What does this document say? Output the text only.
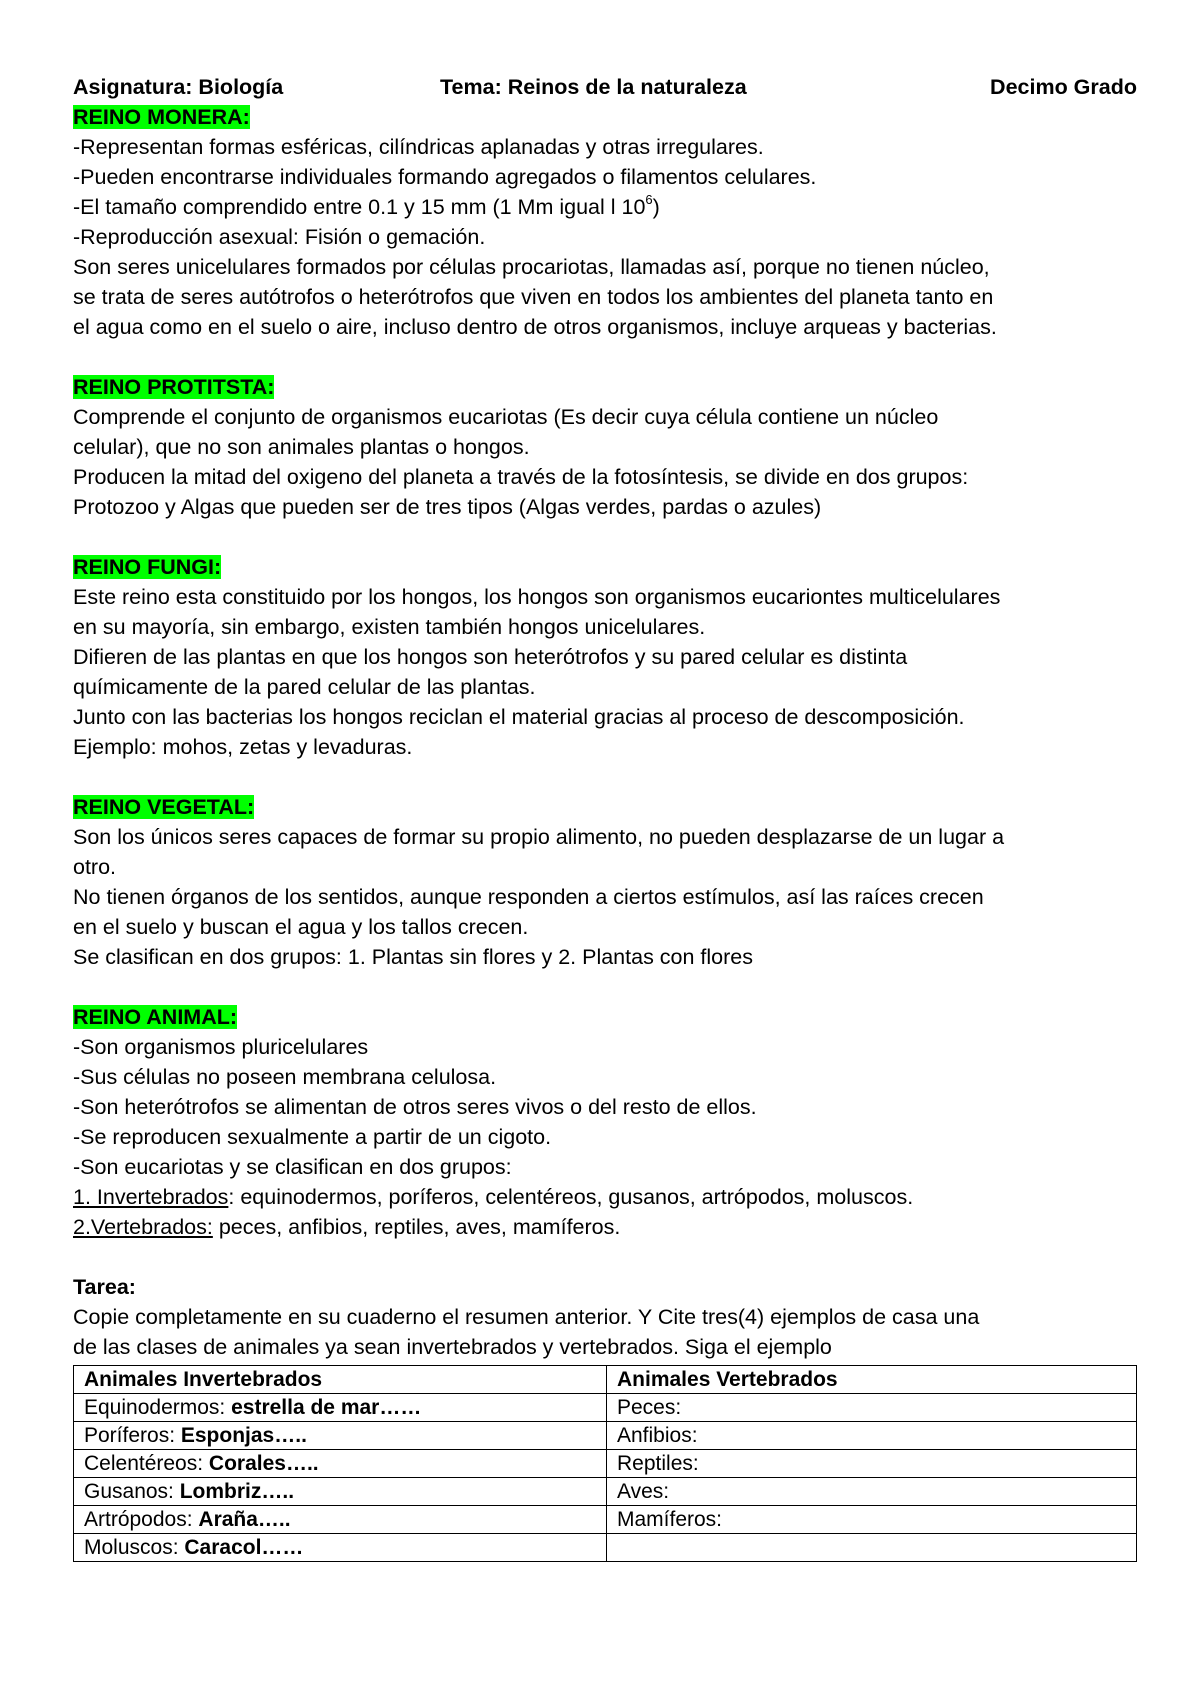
Asignatura: Biología	Tema: Reinos de la naturaleza	Decimo Grado

REINO MONERA:

-Representan formas esféricas, cilíndricas aplanadas y otras irregulares.

-Pueden encontrarse individuales formando agregados o filamentos celulares.

-El tamaño comprendido entre 0.1 y 15 mm (1 Mm igual l $10^6$)

-Reproducción asexual: Fisión o gemación.

Son seres unicelulares formados por células procariotas, llamadas así, porque no tienen núcleo,

se trata de seres autótrofos o heterótrofos que viven en todos los ambientes del planeta tanto en

el agua como en el suelo o aire, incluso dentro de otros organismos, incluye arqueas y bacterias.

REINO PROTITSTA:

Comprende el conjunto de organismos eucariotas (Es decir cuya célula contiene un núcleo

celular), que no son animales plantas o hongos.

Producen la mitad del oxigeno del planeta a través de la fotosíntesis, se divide en dos grupos:

Protozoo y Algas que pueden ser de tres tipos (Algas verdes, pardas o azules)

REINO FUNGI:

Este reino esta constituido por los hongos, los hongos son organismos eucariontes multicelulares

en su mayoría, sin embargo, existen también hongos unicelulares.

Difieren de las plantas en que los hongos son heterótrofos y su pared celular es distinta

químicamente de la pared celular de las plantas.

Junto con las bacterias los hongos reciclan el material gracias al proceso de descomposición.

Ejemplo: mohos, zetas y levaduras.

REINO VEGETAL:

Son los únicos seres capaces de formar su propio alimento, no pueden desplazarse de un lugar a

otro.

No tienen órganos de los sentidos, aunque responden a ciertos estímulos, así las raíces crecen

en el suelo y buscan el agua y los tallos crecen.

Se clasifican en dos grupos: 1. Plantas sin flores y 2. Plantas con flores

REINO ANIMAL:

-Son organismos pluricelulares

-Sus células no poseen membrana celulosa.

-Son heterótrofos se alimentan de otros seres vivos o del resto de ellos.

-Se reproducen sexualmente a partir de un cigoto.

-Son eucariotas y se clasifican en dos grupos:

1. Invertebrados: equinodermos, poríferos, celentéreos, gusanos, artrópodos, moluscos.

2.Vertebrados: peces, anfibios, reptiles, aves, mamíferos.

Tarea:

Copie completamente en su cuaderno el resumen anterior. Y Cite tres(4) ejemplos de casa una

de las clases de animales ya sean invertebrados y vertebrados. Siga el ejemplo

Animales Invertebrados	Animales Vertebrados
Equinodermos: estrella de mar……	Peces:
Poríferos: Esponjas…..	Anfibios:
Celentéreos: Corales…..	Reptiles:
Gusanos: Lombriz…..	Aves:
Artrópodos: Araña…..	Mamíferos:
Moluscos: Caracol……	
